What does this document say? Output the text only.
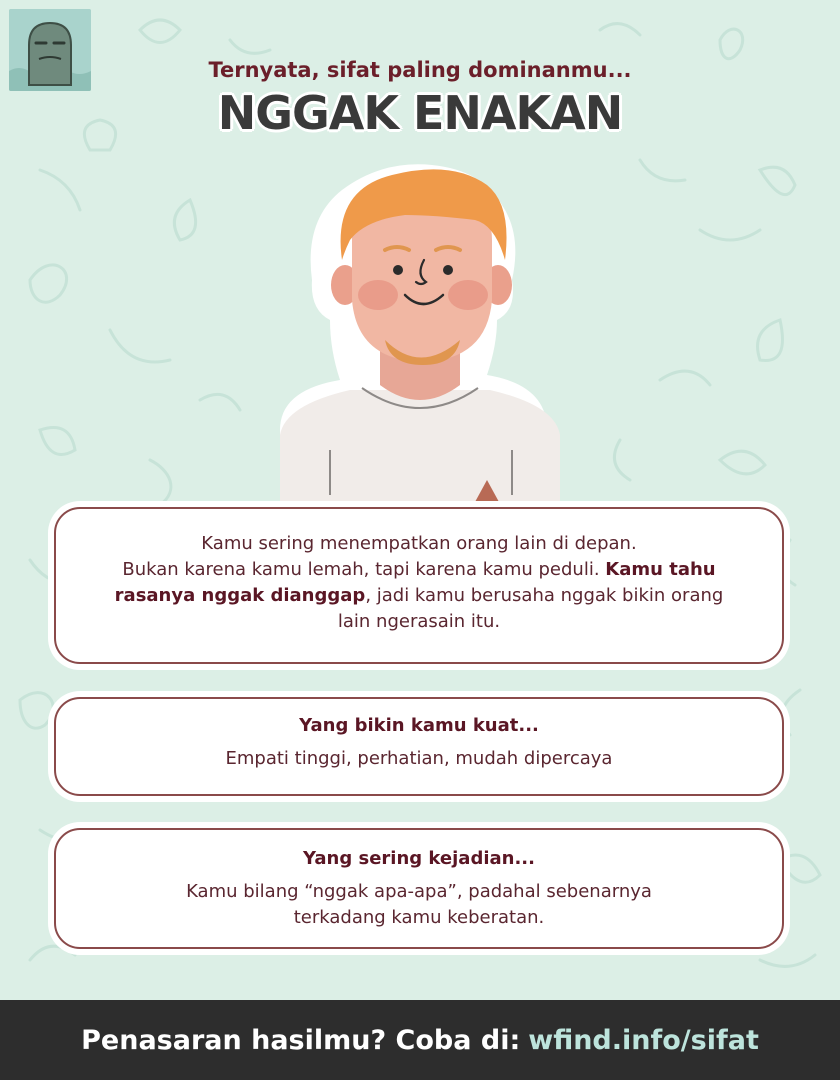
Ternyata, sifat paling dominanmu...
NGGAK ENAKAN
Kamu sering menempatkan orang lain di depan.
Bukan karena kamu lemah, tapi karena kamu peduli. Kamu tahu rasanya nggak dianggap, jadi kamu berusaha nggak bikin orang lain ngerasain itu.
Yang bikin kamu kuat...
Empati tinggi, perhatian, mudah dipercaya
Yang sering kejadian...
Kamu bilang “nggak apa-apa”, padahal sebenarnya terkadang kamu keberatan.
Penasaran hasilmu? Coba di: wfind.info/sifat
